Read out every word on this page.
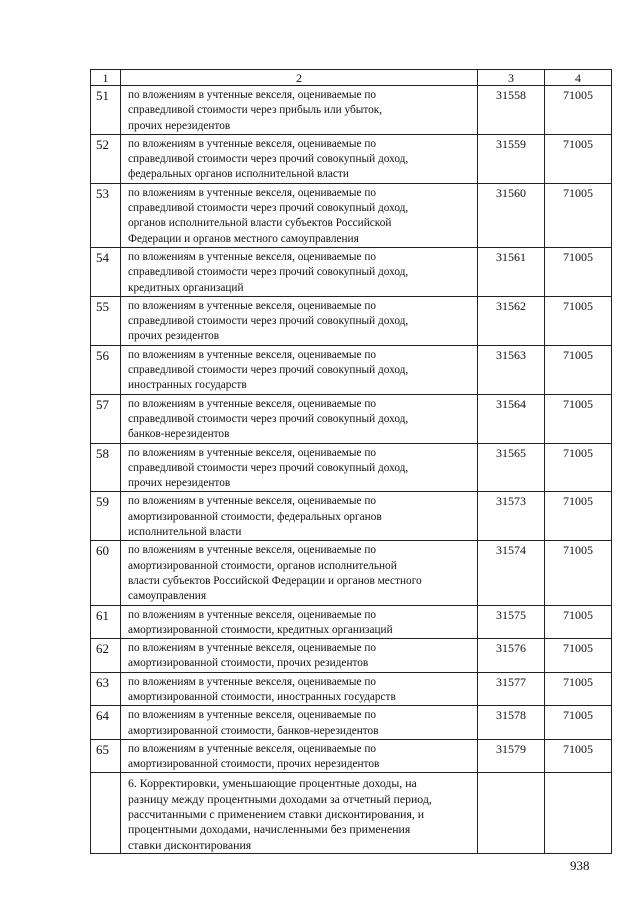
1	2	3	4
51	по вложениям в учтенные векселя, оцениваемые по
справедливой стоимости через прибыль или убыток,
прочих нерезидентов	31558	71005
52	по вложениям в учтенные векселя, оцениваемые по
справедливой стоимости через прочий совокупный доход,
федеральных органов исполнительной власти	31559	71005
53	по вложениям в учтенные векселя, оцениваемые по
справедливой стоимости через прочий совокупный доход,
органов исполнительной власти субъектов Российской
Федерации и органов местного самоуправления	31560	71005
54	по вложениям в учтенные векселя, оцениваемые по
справедливой стоимости через прочий совокупный доход,
кредитных организаций	31561	71005
55	по вложениям в учтенные векселя, оцениваемые по
справедливой стоимости через прочий совокупный доход,
прочих резидентов	31562	71005
56	по вложениям в учтенные векселя, оцениваемые по
справедливой стоимости через прочий совокупный доход,
иностранных государств	31563	71005
57	по вложениям в учтенные векселя, оцениваемые по
справедливой стоимости через прочий совокупный доход,
банков-нерезидентов	31564	71005
58	по вложениям в учтенные векселя, оцениваемые по
справедливой стоимости через прочий совокупный доход,
прочих нерезидентов	31565	71005
59	по вложениям в учтенные векселя, оцениваемые по
амортизированной стоимости, федеральных органов
исполнительной власти	31573	71005
60	по вложениям в учтенные векселя, оцениваемые по
амортизированной стоимости, органов исполнительной
власти субъектов Российской Федерации и органов местного
самоуправления	31574	71005
61	по вложениям в учтенные векселя, оцениваемые по
амортизированной стоимости, кредитных организаций	31575	71005
62	по вложениям в учтенные векселя, оцениваемые по
амортизированной стоимости, прочих резидентов	31576	71005
63	по вложениям в учтенные векселя, оцениваемые по
амортизированной стоимости, иностранных государств	31577	71005
64	по вложениям в учтенные векселя, оцениваемые по
амортизированной стоимости, банков-нерезидентов	31578	71005
65	по вложениям в учтенные векселя, оцениваемые по
амортизированной стоимости, прочих нерезидентов	31579	71005

	6. Корректировки, уменьшающие процентные доходы, на
разницу между процентными доходами за отчетный период,
рассчитанными с применением ставки дисконтирования, и
процентными доходами, начисленными без применения
ставки дисконтирования		

938
